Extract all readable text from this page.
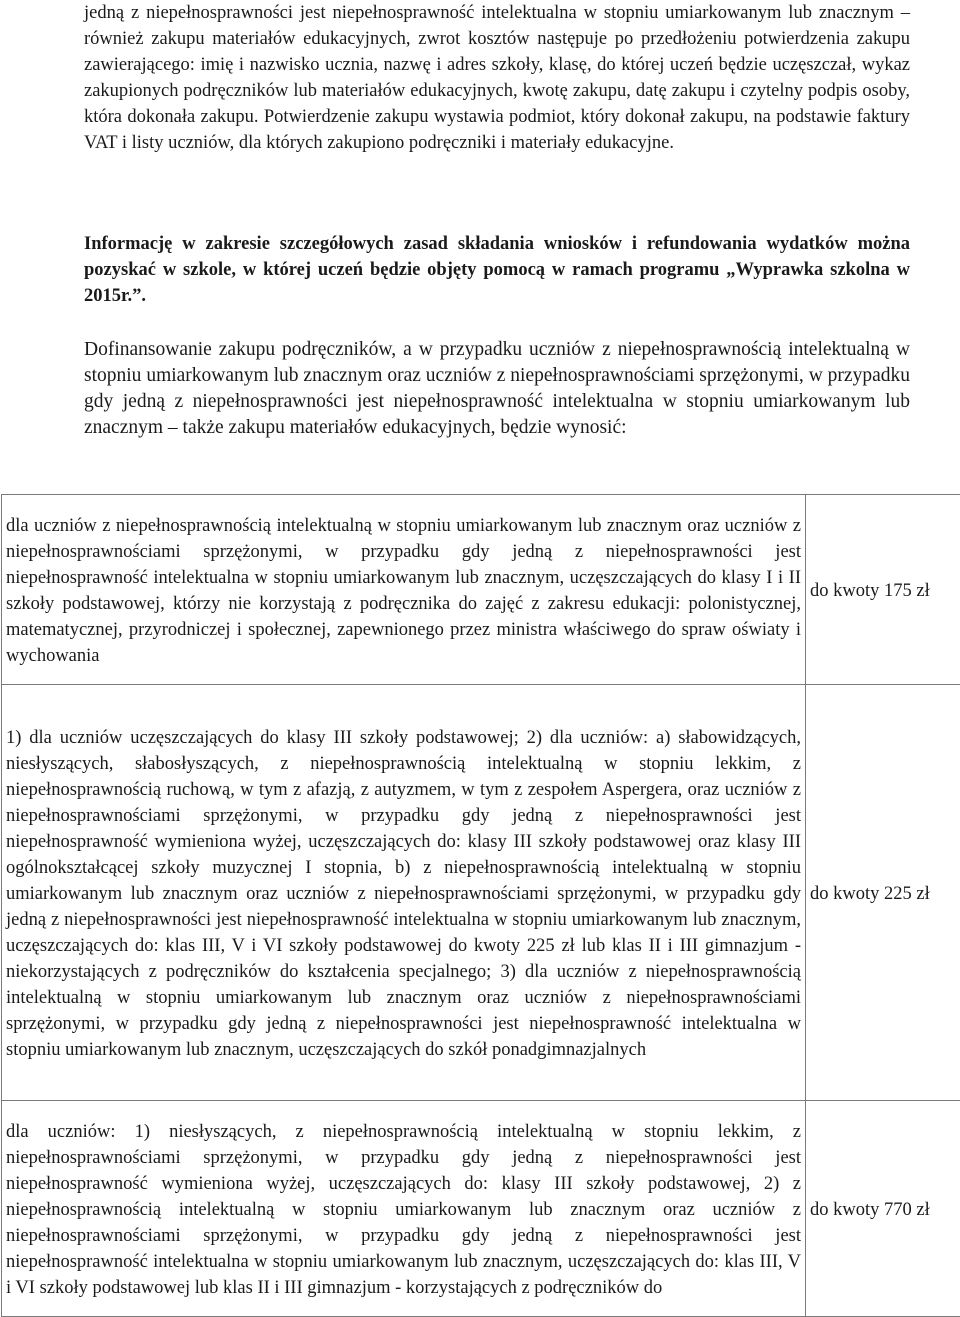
jedną z niepełnosprawności jest niepełnosprawność intelektualna w stopniu umiarkowanym lub znacznym – również zakupu materiałów edukacyjnych, zwrot kosztów następuje po przedłożeniu potwierdzenia zakupu zawierającego: imię i nazwisko ucznia, nazwę i adres szkoły, klasę, do której uczeń będzie uczęszczał, wykaz zakupionych podręczników lub materiałów edukacyjnych, kwotę zakupu, datę zakupu i czytelny podpis osoby, która dokonała zakupu. Potwierdzenie zakupu wystawia podmiot, który dokonał zakupu, na podstawie faktury VAT i listy uczniów, dla których zakupiono podręczniki i materiały edukacyjne.

Informację w zakresie szczegółowych zasad składania wniosków i refundowania wydatków można pozyskać w szkole, w której uczeń będzie objęty pomocą w ramach programu „Wyprawka szkolna w 2015r.”.

Dofinansowanie zakupu podręczników, a w przypadku uczniów z niepełnosprawnością intelektualną w stopniu umiarkowanym lub znacznym oraz uczniów z niepełnosprawnościami sprzężonymi, w przypadku gdy jedną z niepełnosprawności jest niepełnosprawność intelektualna w stopniu umiarkowanym lub znacznym – także zakupu materiałów edukacyjnych, będzie wynosić:

dla uczniów z niepełnosprawnością intelektualną w stopniu umiarkowanym lub znacznym oraz uczniów z niepełnosprawnościami sprzężonymi, w przypadku gdy jedną z niepełnosprawności jest niepełnosprawność intelektualna w stopniu umiarkowanym lub znacznym, uczęszczających do klasy I i II szkoły podstawowej, którzy nie korzystają z podręcznika do zajęć z zakresu edukacji: polonistycznej, matematycznej, przyrodniczej i społecznej, zapewnionego przez ministra właściwego do spraw oświaty i wychowania	do kwoty 175 zł
1) dla uczniów uczęszczających do klasy III szkoły podstawowej; 2) dla uczniów: a) słabowidzących, niesłyszących, słabosłyszących, z niepełnosprawnością intelektualną w stopniu lekkim, z niepełnosprawnością ruchową, w tym z afazją, z autyzmem, w tym z zespołem Aspergera, oraz uczniów z niepełnosprawnościami sprzężonymi, w przypadku gdy jedną z niepełnosprawności jest niepełnosprawność wymieniona wyżej, uczęszczających do: klasy III szkoły podstawowej oraz klasy III ogólnokształcącej szkoły muzycznej I stopnia, b) z niepełnosprawnością intelektualną w stopniu umiarkowanym lub znacznym oraz uczniów z niepełnosprawnościami sprzężonymi, w przypadku gdy jedną z niepełnosprawności jest niepełnosprawność intelektualna w stopniu umiarkowanym lub znacznym, uczęszczających do: klas III, V i VI szkoły podstawowej do kwoty 225 zł lub klas II i III gimnazjum - niekorzystających z podręczników do kształcenia specjalnego; 3) dla uczniów z niepełnosprawnością intelektualną w stopniu umiarkowanym lub znacznym oraz uczniów z niepełnosprawnościami sprzężonymi, w przypadku gdy jedną z niepełnosprawności jest niepełnosprawność intelektualna w stopniu umiarkowanym lub znacznym, uczęszczających do szkół ponadgimnazjalnych	do kwoty 225 zł
dla uczniów: 1) niesłyszących, z niepełnosprawnością intelektualną w stopniu lekkim, z niepełnosprawnościami sprzężonymi, w przypadku gdy jedną z niepełnosprawności jest niepełnosprawność wymieniona wyżej, uczęszczających do: klasy III szkoły podstawowej, 2) z niepełnosprawnością intelektualną w stopniu umiarkowanym lub znacznym oraz uczniów z niepełnosprawnościami sprzężonymi, w przypadku gdy jedną z niepełnosprawności jest niepełnosprawność intelektualna w stopniu umiarkowanym lub znacznym, uczęszczających do: klas III, V i VI szkoły podstawowej lub klas II i III gimnazjum - korzystających z podręczników do	do kwoty 770 zł
